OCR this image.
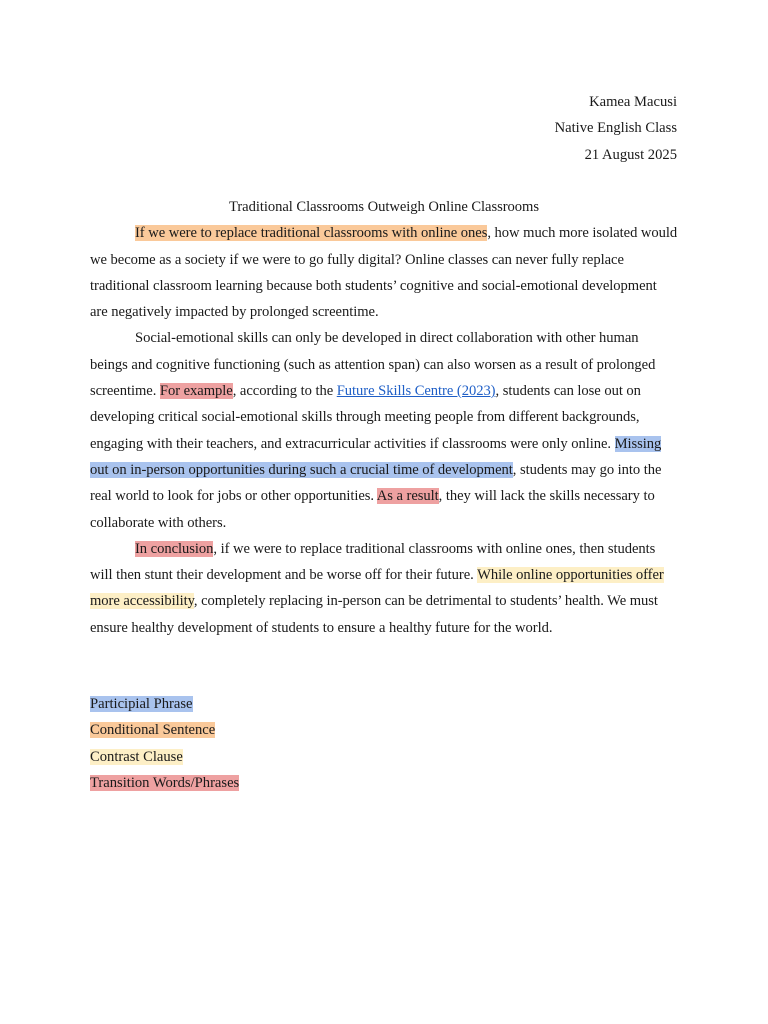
Kamea Macusi
Native English Class
21 August 2025
Traditional Classrooms Outweigh Online Classrooms

If we were to replace traditional classrooms with online ones, how much more isolated would we become as a society if we were to go fully digital? Online classes can never fully replace traditional classroom learning because both students’ cognitive and social-emotional development are negatively impacted by prolonged screentime.

Social-emotional skills can only be developed in direct collaboration with other human beings and cognitive functioning (such as attention span) can also worsen as a result of prolonged screentime. For example, according to the Future Skills Centre (2023), students can lose out on developing critical social-emotional skills through meeting people from different backgrounds, engaging with their teachers, and extracurricular activities if classrooms were only online. Missing out on in-person opportunities during such a crucial time of development, students may go into the real world to look for jobs or other opportunities. As a result, they will lack the skills necessary to collaborate with others.

In conclusion, if we were to replace traditional classrooms with online ones, then students will then stunt their development and be worse off for their future. While online opportunities offer more accessibility, completely replacing in-person can be detrimental to students’ health. We must ensure healthy development of students to ensure a healthy future for the world.

Participial Phrase
Conditional Sentence
Contrast Clause
Transition Words/Phrases
